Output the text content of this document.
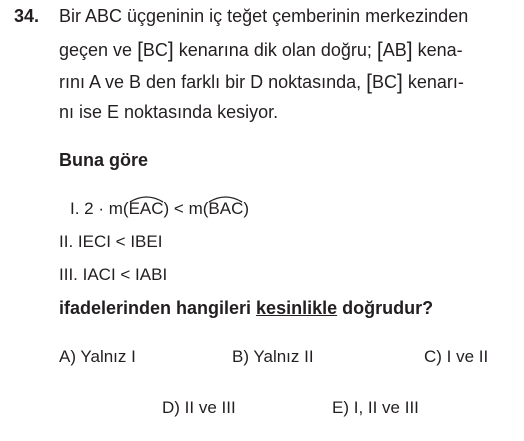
34. Bir ABC üçgeninin iç teğet çemberinin merkezinden
geçen ve [BC] kenarına dik olan doğru; [AB] kena-
rını A ve B den farklı bir D noktasında, [BC] kenarı-
nı ise E noktasında kesiyor.
Buna göre
I. 2 · m(
EAC) < m(
BAC)
II. IECI < IBEI
III. IACI < IABI
ifadelerinden hangileri kesinlikle doğrudur?
A) Yalnız I	B) Yalnız II	C) I ve II
D) II ve III	E) I, II ve III
